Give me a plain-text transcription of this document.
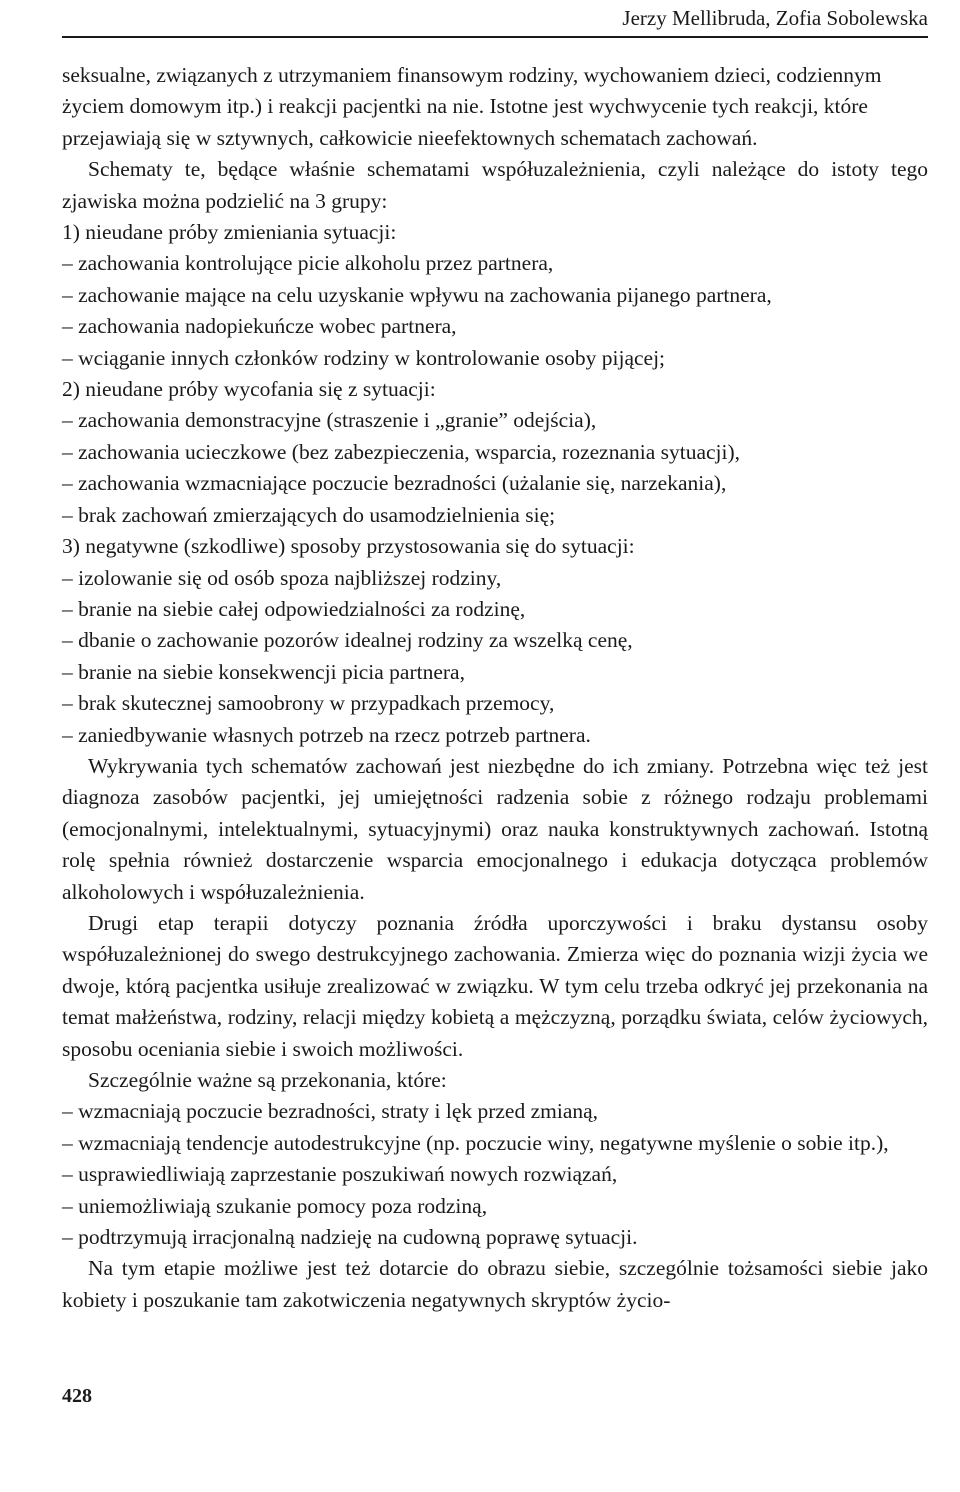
Jerzy Mellibruda, Zofia Sobolewska

seksualne, związanych z utrzymaniem finansowym rodziny, wychowaniem dzieci, codziennym życiem domowym itp.) i reakcji pacjentki na nie. Istotne jest wychwycenie tych reakcji, które przejawiają się w sztywnych, całkowicie nieefektownych schematach zachowań.

Schematy te, będące właśnie schematami współuzależnienia, czyli należące do istoty tego zjawiska można podzielić na 3 grupy:

1) nieudane próby zmieniania sytuacji:

– zachowania kontrolujące picie alkoholu przez partnera,

– zachowanie mające na celu uzyskanie wpływu na zachowania pijanego partnera,

– zachowania nadopiekuńcze wobec partnera,

– wciąganie innych członków rodziny w kontrolowanie osoby pijącej;

2) nieudane próby wycofania się z sytuacji:

– zachowania demonstracyjne (straszenie i „granie” odejścia),

– zachowania ucieczkowe (bez zabezpieczenia, wsparcia, rozeznania sytuacji),

– zachowania wzmacniające poczucie bezradności (użalanie się, narzekania),

– brak zachowań zmierzających do usamodzielnienia się;

3) negatywne (szkodliwe) sposoby przystosowania się do sytuacji:

– izolowanie się od osób spoza najbliższej rodziny,

– branie na siebie całej odpowiedzialności za rodzinę,

– dbanie o zachowanie pozorów idealnej rodziny za wszelką cenę,

– branie na siebie konsekwencji picia partnera,

– brak skutecznej samoobrony w przypadkach przemocy,

– zaniedbywanie własnych potrzeb na rzecz potrzeb partnera.

Wykrywania tych schematów zachowań jest niezbędne do ich zmiany. Potrzebna więc też jest diagnoza zasobów pacjentki, jej umiejętności radzenia sobie z różnego rodzaju problemami (emocjonalnymi, intelektualnymi, sytuacyjnymi) oraz nauka konstruktywnych zachowań. Istotną rolę spełnia również dostarczenie wsparcia emocjonalnego i edukacja dotycząca problemów alkoholowych i współuzależnienia.

Drugi etap terapii dotyczy poznania źródła uporczywości i braku dystansu osoby współuzależnionej do swego destrukcyjnego zachowania. Zmierza więc do poznania wizji życia we dwoje, którą pacjentka usiłuje zrealizować w związku. W tym celu trzeba odkryć jej przekonania na temat małżeństwa, rodziny, relacji między kobietą a mężczyzną, porządku świata, celów życiowych, sposobu oceniania siebie i swoich możliwości.

Szczególnie ważne są przekonania, które:

– wzmacniają poczucie bezradności, straty i lęk przed zmianą,

– wzmacniają tendencje autodestrukcyjne (np. poczucie winy, negatywne myślenie o sobie itp.),

– usprawiedliwiają zaprzestanie poszukiwań nowych rozwiązań,

– uniemożliwiają szukanie pomocy poza rodziną,

– podtrzymują irracjonalną nadzieję na cudowną poprawę sytuacji.

Na tym etapie możliwe jest też dotarcie do obrazu siebie, szczególnie tożsamości siebie jako kobiety i poszukanie tam zakotwiczenia negatywnych skryptów życio-

428
